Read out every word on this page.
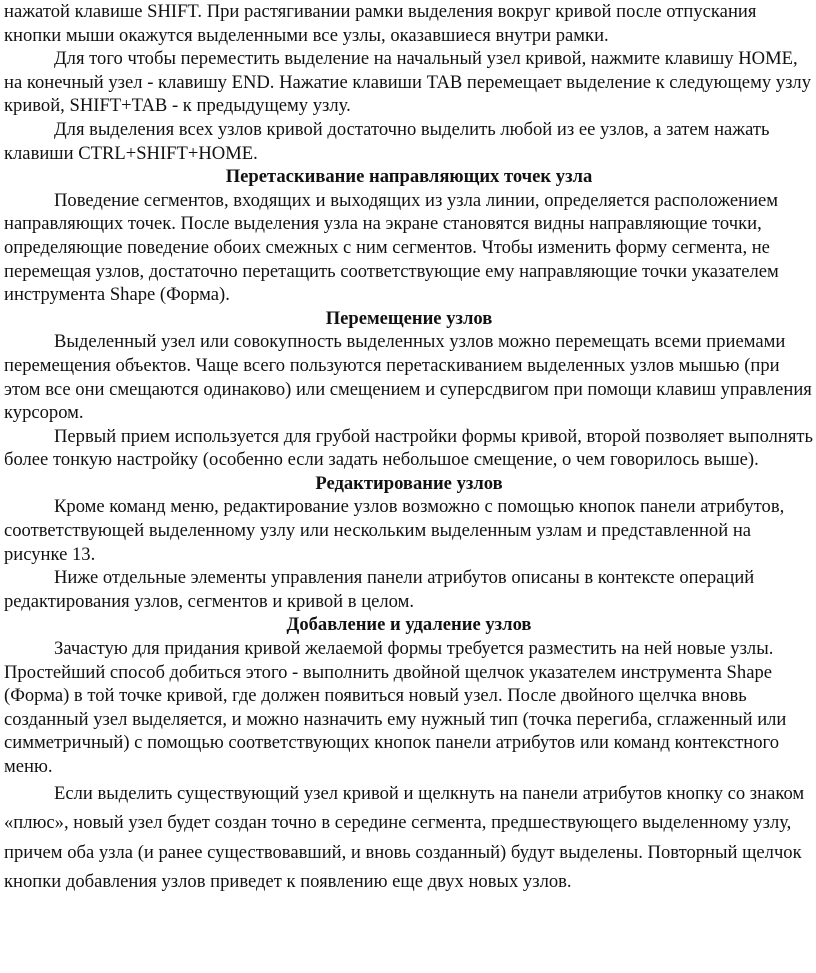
нажатой клавише SHIFT. При растягивании рамки выделения вокруг кривой после отпускания кнопки мыши окажутся выделенными все узлы, оказавшиеся внутри рамки.

Для того чтобы переместить выделение на начальный узел кривой, нажмите клавишу HOME, на конечный узел - клавишу END. Нажатие клавиши TAB перемещает выделение к следующему узлу кривой, SHIFT+TAB - к предыдущему узлу.

Для выделения всех узлов кривой достаточно выделить любой из ее узлов, а затем нажать клавиши CTRL+SHIFT+HOME.

Перетаскивание направляющих точек узла

Поведение сегментов, входящих и выходящих из узла линии, определяется расположением направляющих точек. После выделения узла на экране становятся видны направляющие точки, определяющие поведение обоих смежных с ним сегментов. Чтобы изменить форму сегмента, не перемещая узлов, достаточно перетащить соответствующие ему направляющие точки указателем инструмента Shape (Форма).

Перемещение узлов

Выделенный узел или совокупность выделенных узлов можно перемещать всеми приемами перемещения объектов. Чаще всего пользуются перетаскиванием выделенных узлов мышью (при этом все они смещаются одинаково) или смещением и суперсдвигом при помощи клавиш управления курсором.

Первый прием используется для грубой настройки формы кривой, второй позволяет выполнять более тонкую настройку (особенно если задать небольшое смещение, о чем говорилось выше).

Редактирование узлов

Кроме команд меню, редактирование узлов возможно с помощью кнопок панели атрибутов, соответствующей выделенному узлу или нескольким выделенным узлам и представленной на рисунке 13.

Ниже отдельные элементы управления панели атрибутов описаны в контексте операций редактирования узлов, сегментов и кривой в целом.

Добавление и удаление узлов

Зачастую для придания кривой желаемой формы требуется разместить на ней новые узлы. Простейший способ добиться этого - выполнить двойной щелчок указателем инструмента Shape (Форма) в той точке кривой, где должен появиться новый узел. После двойного щелчка вновь созданный узел выделяется, и можно назначить ему нужный тип (точка перегиба, сглаженный или симметричный) с помощью соответствующих кнопок панели атрибутов или команд контекстного меню.

Если выделить существующий узел кривой и щелкнуть на панели атрибутов кнопку со знаком «плюс», новый узел будет создан точно в середине сегмента, предшествующего выделенному узлу, причем оба узла (и ранее существовавший, и вновь созданный) будут выделены. Повторный щелчок кнопки добавления узлов приведет к появлению еще двух новых узлов.
